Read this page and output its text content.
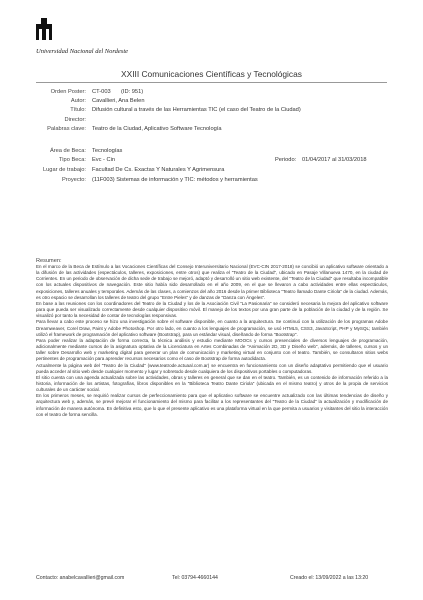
Universidad Nacional del Nordeste
XXIII Comunicaciones Científicas y Tecnológicas
Orden Poster: CT-003 (ID: 951)
Autor: Cavallieri, Ana Belen
Título: Difusión cultural a través de las Herramientas TIC (el caso del Teatro de la Ciudad)
Director:
Palabras clave: Teatro de la Ciudad, Aplicativo Software Tecnología
Área de Beca: Tecnologías
Tipo Beca: Evc - Cin	Periodo: 01/04/2017 al 31/03/2018
Lugar de trabajo: Facultad De Cs. Exactas Y Naturales Y Agrimensura
Proyecto: (11F003) Sistemas de información y TIC: métodos y herramientas
Resumen:

En el marco de la Beca de Estímulo a las Vocaciones Científicas del Consejo Interuniversitario Nacional (EVC-CIN 2017-2018) se concibió un aplicativo software orientado a la difusión de las actividades (espectáculos, talleres, exposiciones, entre otros) que realiza el "Teatro de la Ciudad", ubicado en Pasaje Villanueva 1470, en la ciudad de Corrientes. En un periodo de observación de dicha sede de trabajo se mejoró, adaptó y desarrolló un sitio web existente, del "Teatro de la Ciudad" que resultaba incompatible con los actuales dispositivos de navegación. Este sitio había sido desarrollado en el año 2009, en el que se llevaron a cabo actividades entre ellas espectáculos, exposiciones, talleres anuales y temporales. Además de las clases, a comienzos del año 2016 desde la primer Biblioteca "Teatro llamado Dante Ciriola" de la ciudad. Además, es otro espacio se desarrollan los talleres de teatro del grupo "Entre Pieles" y de danzas de "Danza con Ángeles".

En base a las reuniones con los coordinadores del Teatro de la Ciudad y los de la Asociación Civil "La Pasionaria" se consideró necesaria la mejora del aplicativo software para que pueda ser visualizado correctamente desde cualquier dispositivo móvil. El manejo de los textos por una gran parte de la población de la ciudad y de la región. Se visualizó por tanto la necesidad de contar de tecnologías responsivas.

Para llevar a cabo este proceso se hizo una investigación sobre el software disponible, en cuanto a la arquitectura. Se continuó con la utilización de los programas Adobe Dreamweaver, Corel Draw, Paint y Adobe Photoshop. Por otro lado, en cuanto a los lenguajes de programación, se usó HTML5, CSS3, JavaScript, PHP y MySQL; también utilizó el framework de programación del aplicativo software (Bootstrap), para un estándar visual, diseñando de forma "Bootstrap".

Para poder realizar la adaptación de forma correcta, la técnica análisis y estudio mediante MOOCs y cursos presenciales de diversos lenguajes de programación, adicionalmente mediante cursos de la asignatura optativa de la Licenciatura en Artes Combinadas de "Animación 2D, 3D y Diseño web", además, de talleres, cursos y un taller sobre Desarrollo web y marketing digital para generar un plan de comunicación y marketing virtual en conjunto con el teatro. También, se consultaron sitios webs pertinentes de programación para aprender recursos necesarios como el caso de Bootstrap de forma autodidacta.

Actualmente la página web del "Teatro de la Ciudad" (www.teatrode.actuaal.com.ar) se encuentra en funcionamiento con un diseño adaptativo permitiendo que el usuario pueda acceder al sitio web desde cualquier momento y lugar y sobretodo desde cualquiera de los dispositivos portables o computadoras.

El sitio cuenta con una agenda actualizada sobre las actividades, obras y talleres en general que se dan en el teatro. También, es un contenido de información referido a la historia, información de los artistas, fotografías, libros disponibles en la "Biblioteca Teatro Dante Ciriola" (ubicada en el mismo teatro) y otros de la propia de servicios culturales de un carácter social.

En los primeros meses, se requirió realizar cursos de perfeccionamiento para que el aplicativo software se encuentre actualizado con las últimas tendencias de diseño y arquitectura web y, además, se prevé mejorar el funcionamiento del mismo para facilitar a los representantes del "Teatro de la Ciudad" la actualización y modificación de información de manera autónoma. En definitiva esto, que lo que el presente aplicativo es una plataforma virtual en la que permita a usuarios y visitantes del sitio la interacción con el teatro de forma sencilla.

Contacto: anabelcavallieri@gmail.com	Tel: 03794-4660144	Creado el: 13/09/2022 a las 13:20
